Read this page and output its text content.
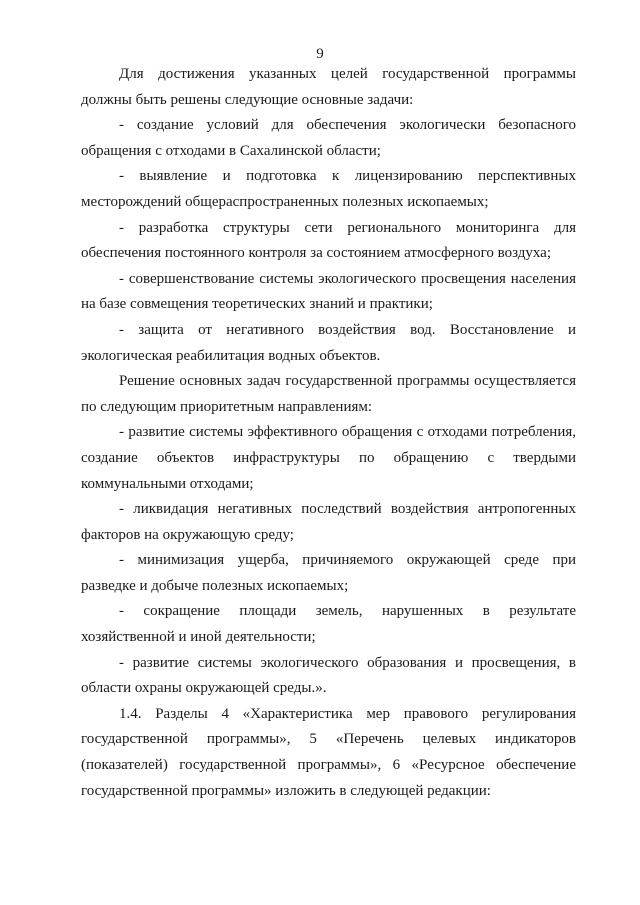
9

Для достижения указанных целей государственной программы должны быть решены следующие основные задачи:

- создание условий для обеспечения экологически безопасного обращения с отходами в Сахалинской области;

- выявление и подготовка к лицензированию перспективных месторождений общераспространенных полезных ископаемых;

- разработка структуры сети регионального мониторинга для обеспечения постоянного контроля за состоянием атмосферного воздуха;

- совершенствование системы экологического просвещения населения на базе совмещения теоретических знаний и практики;

- защита от негативного воздействия вод. Восстановление и экологическая реабилитация водных объектов.

Решение основных задач государственной программы осуществляется по следующим приоритетным направлениям:

- развитие системы эффективного обращения с отходами потребления, создание объектов инфраструктуры по обращению с твердыми коммунальными отходами;

- ликвидация негативных последствий воздействия антропогенных факторов на окружающую среду;

- минимизация ущерба, причиняемого окружающей среде при разведке и добыче полезных ископаемых;

- сокращение площади земель, нарушенных в результате хозяйственной и иной деятельности;

- развитие системы экологического образования и просвещения, в области охраны окружающей среды.».

1.4. Разделы 4 «Характеристика мер правового регулирования государственной программы», 5 «Перечень целевых индикаторов (показателей) государственной программы», 6 «Ресурсное обеспечение государственной программы» изложить в следующей редакции:
